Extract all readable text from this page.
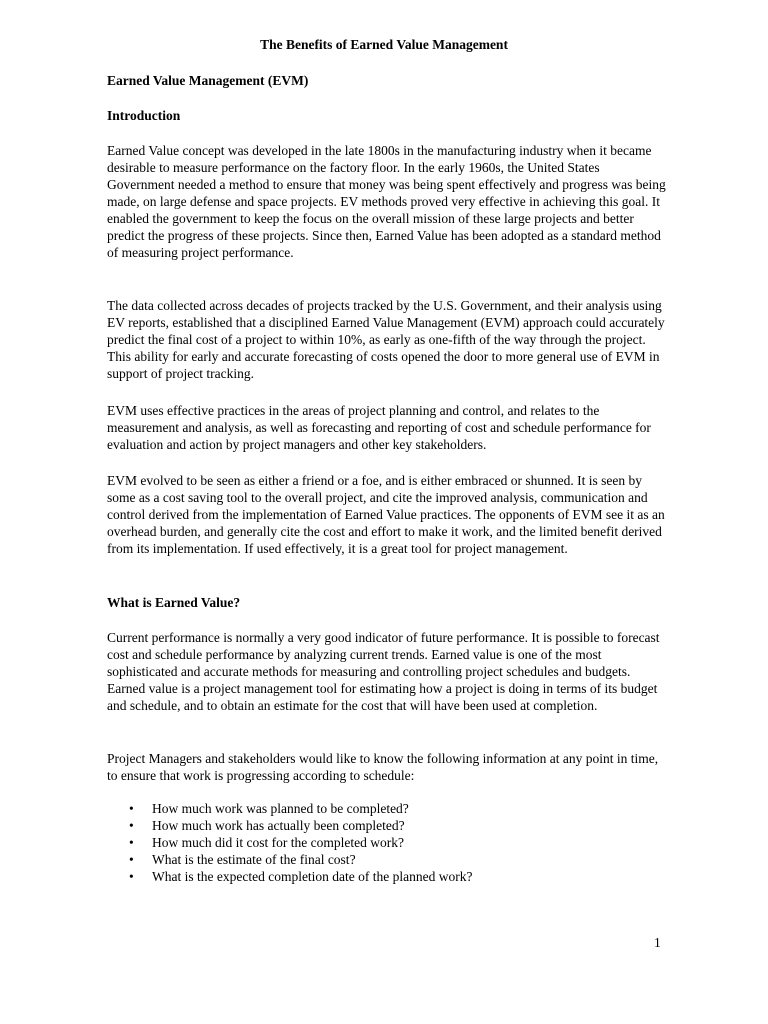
The Benefits of Earned Value Management
Earned Value Management (EVM)
Introduction

Earned Value concept was developed in the late 1800s in the manufacturing industry when it became desirable to measure performance on the factory floor. In the early 1960s, the United States Government needed a method to ensure that money was being spent effectively and progress was being made, on large defense and space projects. EV methods proved very effective in achieving this goal. It enabled the government to keep the focus on the overall mission of these large projects and better predict the progress of these projects. Since then, Earned Value has been adopted as a standard method of measuring project performance.

The data collected across decades of projects tracked by the U.S. Government, and their analysis using EV reports, established that a disciplined Earned Value Management (EVM) approach could accurately predict the final cost of a project to within 10%, as early as one-fifth of the way through the project. This ability for early and accurate forecasting of costs opened the door to more general use of EVM in support of project tracking.

EVM uses effective practices in the areas of project planning and control, and relates to the measurement and analysis, as well as forecasting and reporting of cost and schedule performance for evaluation and action by project managers and other key stakeholders.

EVM evolved to be seen as either a friend or a foe, and is either embraced or shunned. It is seen by some as a cost saving tool to the overall project, and cite the improved analysis, communication and control derived from the implementation of Earned Value practices. The opponents of EVM see it as an overhead burden, and generally cite the cost and effort to make it work, and the limited benefit derived from its implementation. If used effectively, it is a great tool for project management.

What is Earned Value?

Current performance is normally a very good indicator of future performance. It is possible to forecast cost and schedule performance by analyzing current trends. Earned value is one of the most sophisticated and accurate methods for measuring and controlling project schedules and budgets. Earned value is a project management tool for estimating how a project is doing in terms of its budget and schedule, and to obtain an estimate for the cost that will have been used at completion.

Project Managers and stakeholders would like to know the following information at any point in time, to ensure that work is progressing according to schedule:

• How much work was planned to be completed?
• How much work has actually been completed?
• How much did it cost for the completed work?
• What is the estimate of the final cost?
• What is the expected completion date of the planned work?
1
